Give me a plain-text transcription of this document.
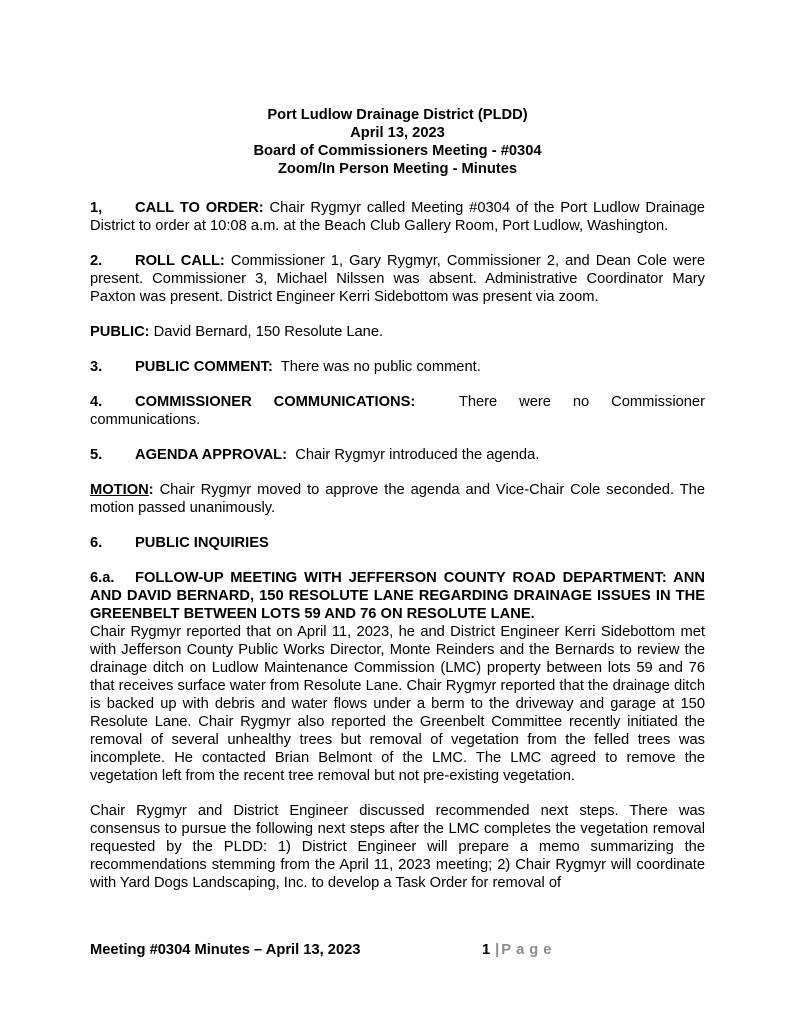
Port Ludlow Drainage District (PLDD)
April 13, 2023
Board of Commissioners Meeting - #0304
Zoom/In Person Meeting - Minutes

1, CALL TO ORDER: Chair Rygmyr called Meeting #0304 of the Port Ludlow Drainage District to order at 10:08 a.m. at the Beach Club Gallery Room, Port Ludlow, Washington.

2. ROLL CALL: Commissioner 1, Gary Rygmyr, Commissioner 2, and Dean Cole were present. Commissioner 3, Michael Nilssen was absent. Administrative Coordinator Mary Paxton was present. District Engineer Kerri Sidebottom was present via zoom.

PUBLIC: David Bernard, 150 Resolute Lane.

3. PUBLIC COMMENT: There was no public comment.

4. COMMISSIONER COMMUNICATIONS:	There were no Commissioner communications.

5. AGENDA APPROVAL: Chair Rygmyr introduced the agenda.

MOTION: Chair Rygmyr moved to approve the agenda and Vice-Chair Cole seconded. The motion passed unanimously.

6. PUBLIC INQUIRIES

6.a. FOLLOW-UP MEETING WITH JEFFERSON COUNTY ROAD DEPARTMENT: ANN AND DAVID BERNARD, 150 RESOLUTE LANE REGARDING DRAINAGE ISSUES IN THE GREENBELT BETWEEN LOTS 59 AND 76 ON RESOLUTE LANE.
Chair Rygmyr reported that on April 11, 2023, he and District Engineer Kerri Sidebottom met with Jefferson County Public Works Director, Monte Reinders and the Bernards to review the drainage ditch on Ludlow Maintenance Commission (LMC) property between lots 59 and 76 that receives surface water from Resolute Lane. Chair Rygmyr reported that the drainage ditch is backed up with debris and water flows under a berm to the driveway and garage at 150 Resolute Lane. Chair Rygmyr also reported the Greenbelt Committee recently initiated the removal of several unhealthy trees but removal of vegetation from the felled trees was incomplete. He contacted Brian Belmont of the LMC. The LMC agreed to remove the vegetation left from the recent tree removal but not pre-existing vegetation.

Chair Rygmyr and District Engineer discussed recommended next steps. There was consensus to pursue the following next steps after the LMC completes the vegetation removal requested by the PLDD: 1) District Engineer will prepare a memo summarizing the recommendations stemming from the April 11, 2023 meeting; 2) Chair Rygmyr will coordinate with Yard Dogs Landscaping, Inc. to develop a Task Order for removal of

Meeting #0304 Minutes – April 13, 2023	1 | Page
